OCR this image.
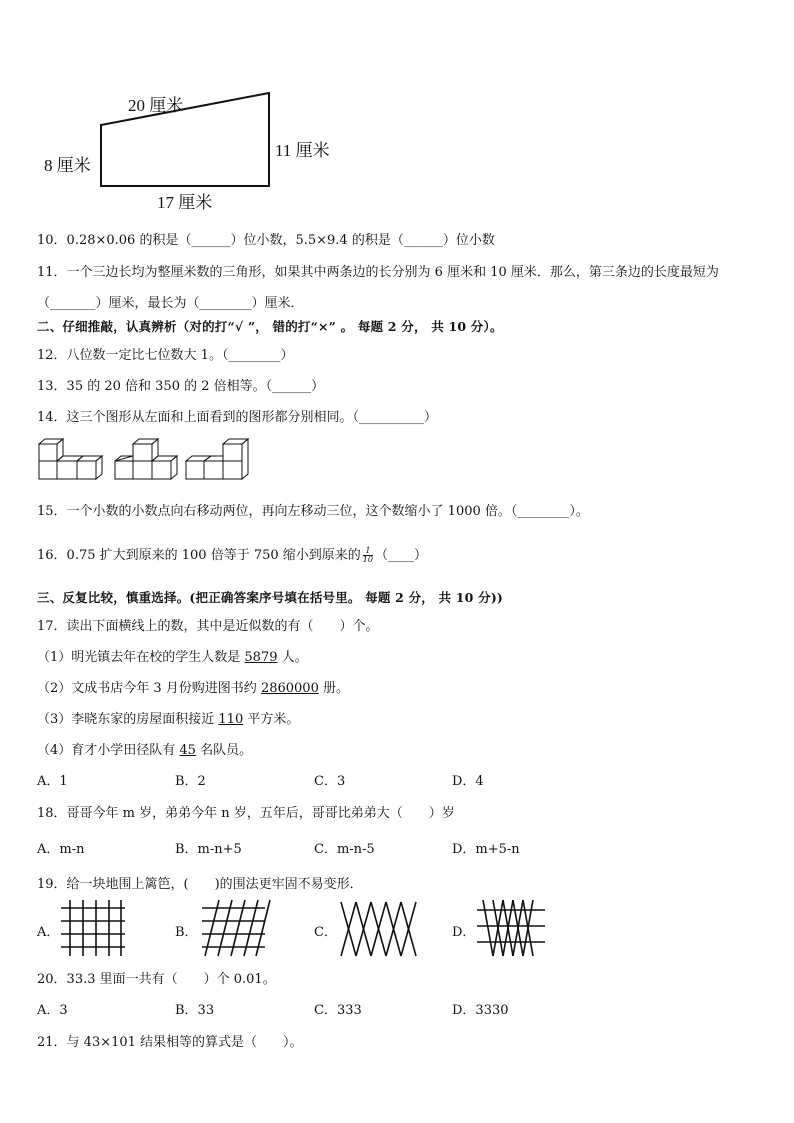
20 厘米
8 厘米
11 厘米
17 厘米
10．0.28×0.06 的积是（______）位小数，5.5×9.4 的积是（______）位小数
11．一个三边长均为整厘米数的三角形，如果其中两条边的长分别为 6 厘米和 10 厘米．那么，第三条边的长度最短为
（_______）厘米，最长为（________）厘米．
二、仔细推敲，认真辨析（对的打“√ ”， 错的打“×” 。 每题 2 分， 共 10 分）。
12．八位数一定比七位数大 1。（________）
13．35 的 20 倍和 350 的 2 倍相等。（______）
14．这三个图形从左面和上面看到的图形都分别相同。（__________）
15．一个小数的小数点向右移动两位，再向左移动三位，这个数缩小了 1000 倍。（________）。
16．0.75 扩大到原来的 100 倍等于 750 缩小到原来的 $\frac{1}{10}$ （____）
三、反复比较，慎重选择。(把正确答案序号填在括号里。 每题 2 分， 共 10 分))
17．读出下面横线上的数，其中是近似数的有（　　）个。
（1）明光镇去年在校的学生人数是 5879 人。
（2）文成书店今年 3 月份购进图书约 2860000 册。
（3）李晓东家的房屋面积接近 110 平方米。
（4）育才小学田径队有 45 名队员。
A．1	B．2	C．3	D．4
18．哥哥今年 m 岁，弟弟今年 n 岁，五年后，哥哥比弟弟大（　　）岁
A．m-n	B．m-n+5	C．m-n-5	D．m+5-n
19．给一块地围上篱笆，(　　)的围法更牢固不易变形．
A．	B．	C．	D．
20．33.3 里面一共有（　　）个 0.01。
A．3	B．33	C．333	D．3330
21．与 43×101 结果相等的算式是（　　）。
